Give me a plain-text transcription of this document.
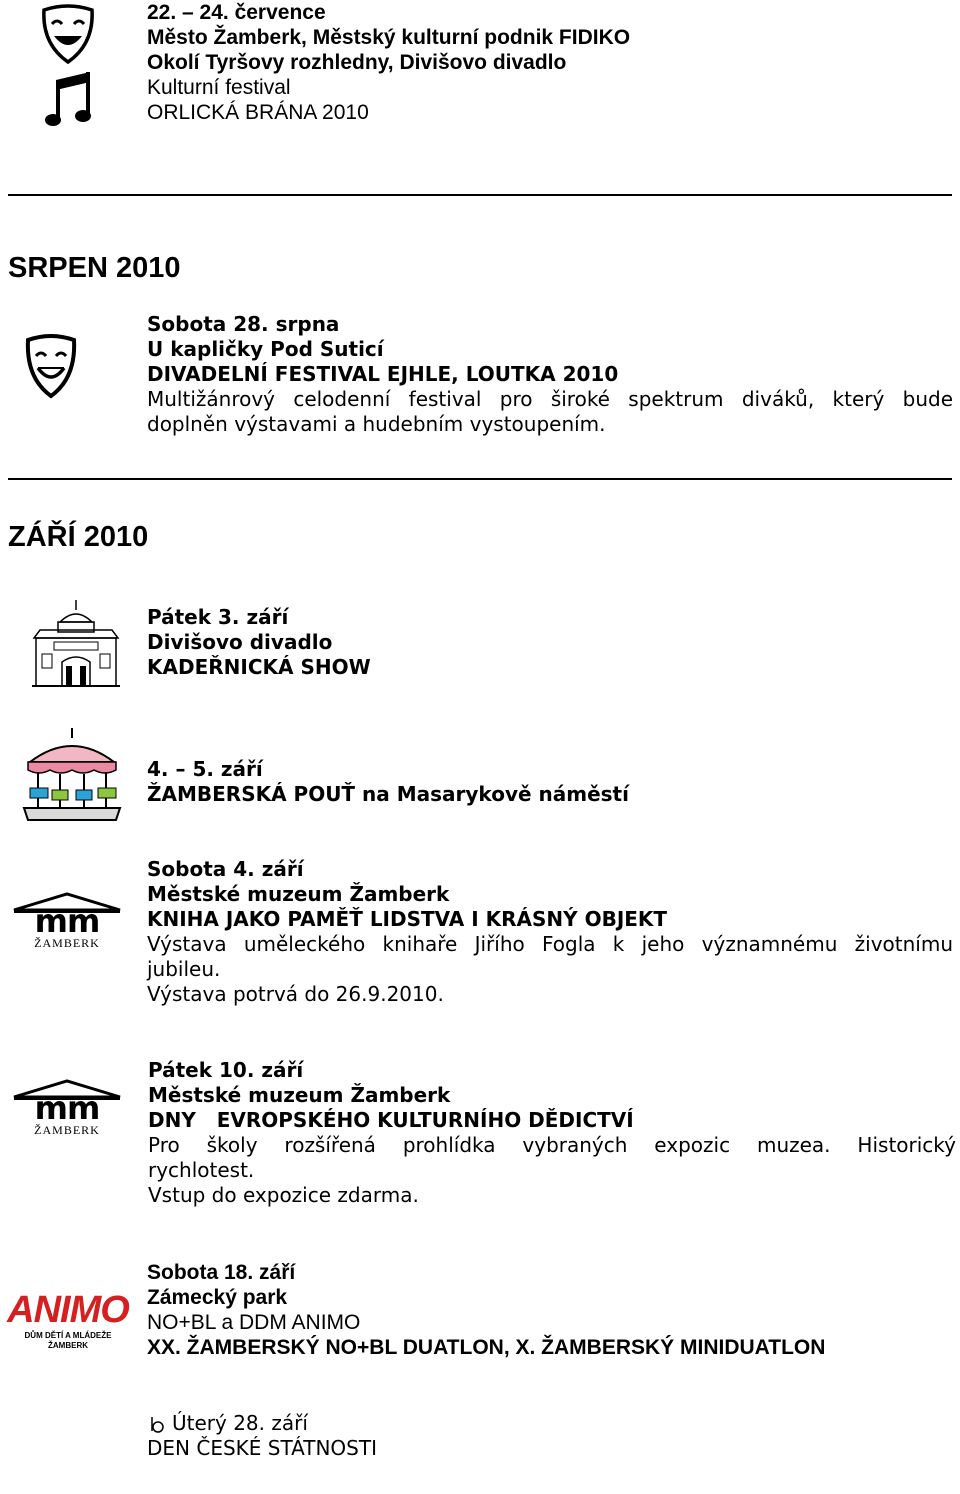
22. – 24. července
Město Žamberk, Městský kulturní podnik FIDIKO
Okolí Tyršovy rozhledny, Divišovo divadlo
Kulturní festival
ORLICKÁ BRÁNA 2010
SRPEN 2010
Sobota 28. srpna
U kapličky Pod Suticí
DIVADELNÍ FESTIVAL EJHLE, LOUTKA 2010
Multižánrový celodenní festival pro široké spektrum diváků, který bude
doplněn výstavami a hudebním vystoupením.
ZÁŘÍ 2010
Pátek 3. září
Divišovo divadlo
KADEŘNICKÁ SHOW
4. – 5. září
ŽAMBERSKÁ POUŤ na Masarykově náměstí
mm
ŽAMBERK
Sobota 4. září
Městské muzeum Žamberk
KNIHA JAKO PAMĚŤ LIDSTVA I KRÁSNÝ OBJEKT
Výstava uměleckého knihaře Jiřího Fogla k jeho významnému životnímu
jubileu.
Výstava potrvá do 26.9.2010.
mm
ŽAMBERK
Pátek 10. září
Městské muzeum Žamberk
DNY   EVROPSKÉHO KULTURNÍHO DĚDICTVÍ
Pro školy rozšířená prohlídka vybraných expozic muzea. Historický
rychlotest.
Vstup do expozice zdarma.
ANIMO
DŮM DĚTÍ A MLÁDEŽE ŽAMBERK
Sobota 18. září
Zámecký park
NO+BL a DDM ANIMO
XX. ŽAMBERSKÝ NO+BL DUATLON, X. ŽAMBERSKÝ MINIDUATLON
Úterý 28. září
DEN ČESKÉ STÁTNOSTI
